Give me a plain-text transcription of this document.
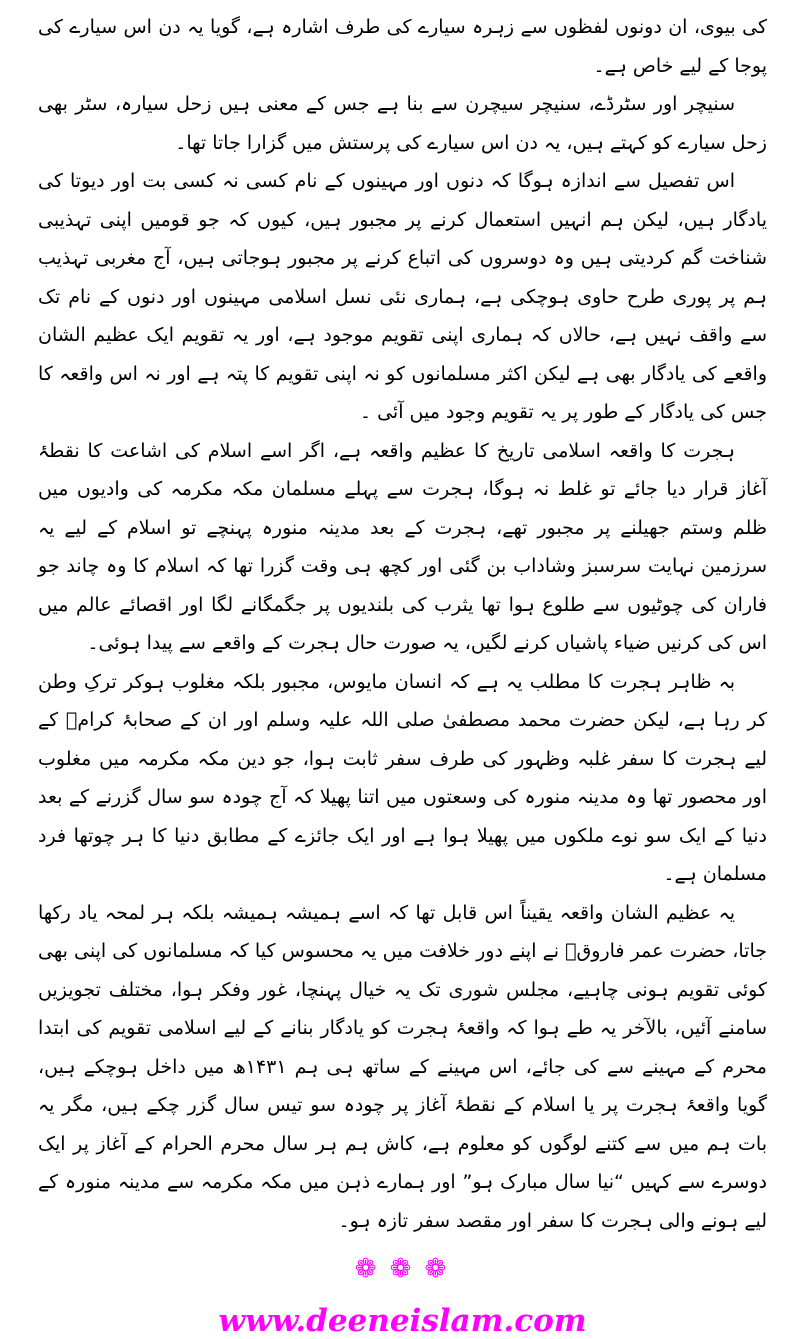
کی بیوی، ان دونوں لفظوں سے زہرہ سیارے کی طرف اشارہ ہے، گویا یہ دن اس سیارے کی پوجا کے لیے خاص ہے۔

سنیچر اور سٹرڈے، سنیچر سیچرن سے بنا ہے جس کے معنی ہیں زحل سیارہ، سٹر بھی زحل سیارے کو کہتے ہیں، یہ دن اس سیارے کی پرستش میں گزارا جاتا تھا۔

اس تفصیل سے اندازہ ہوگا کہ دنوں اور مہینوں کے نام کسی نہ کسی بت اور دیوتا کی یادگار ہیں، لیکن ہم انہیں استعمال کرنے پر مجبور ہیں، کیوں کہ جو قومیں اپنی تہذیبی شناخت گم کردیتی ہیں وہ دوسروں کی اتباع کرنے پر مجبور ہوجاتی ہیں، آج مغربی تہذیب ہم پر پوری طرح حاوی ہوچکی ہے، ہماری نئی نسل اسلامی مہینوں اور دنوں کے نام تک سے واقف نہیں ہے، حالاں کہ ہماری اپنی تقویم موجود ہے، اور یہ تقویم ایک عظیم الشان واقعے کی یادگار بھی ہے لیکن اکثر مسلمانوں کو نہ اپنی تقویم کا پتہ ہے اور نہ اس واقعہ کا جس کی یادگار کے طور پر یہ تقویم وجود میں آئی ۔

ہجرت کا واقعہ اسلامی تاریخ کا عظیم واقعہ ہے، اگر اسے اسلام کی اشاعت کا نقطۂ آغاز قرار دیا جائے تو غلط نہ ہوگا، ہجرت سے پہلے مسلمان مکہ مکرمہ کی وادیوں میں ظلم وستم جھیلنے پر مجبور تھے، ہجرت کے بعد مدینہ منورہ پہنچے تو اسلام کے لیے یہ سرزمین نہایت سرسبز وشاداب بن گئی اور کچھ ہی وقت گزرا تھا کہ اسلام کا وہ چاند جو فاران کی چوٹیوں سے طلوع ہوا تھا یثرب کی بلندیوں پر جگمگانے لگا اور اقصائے عالم میں اس کی کرنیں ضیاء پاشیاں کرنے لگیں، یہ صورت حال ہجرت کے واقعے سے پیدا ہوئی۔

بہ ظاہر ہجرت کا مطلب یہ ہے کہ انسان مایوس، مجبور بلکہ مغلوب ہوکر ترکِ وطن کر رہا ہے، لیکن حضرت محمد مصطفیٰ صلی اللہ علیہ وسلم اور ان کے صحابۂ کرامؓ کے لیے ہجرت کا سفر غلبہ وظہور کی طرف سفر ثابت ہوا، جو دین مکہ مکرمہ میں مغلوب اور محصور تھا وہ مدینہ منورہ کی وسعتوں میں اتنا پھیلا کہ آج چودہ سو سال گزرنے کے بعد دنیا کے ایک سو نوے ملکوں میں پھیلا ہوا ہے اور ایک جائزے کے مطابق دنیا کا ہر چوتھا فرد مسلمان ہے۔

یہ عظیم الشان واقعہ یقیناً اس قابل تھا کہ اسے ہمیشہ ہمیشہ بلکہ ہر لمحہ یاد رکھا جاتا، حضرت عمر فاروقؓ نے اپنے دور خلافت میں یہ محسوس کیا کہ مسلمانوں کی اپنی بھی کوئی تقویم ہونی چاہیے، مجلس شوری تک یہ خیال پہنچا، غور وفکر ہوا، مختلف تجویزیں سامنے آئیں، بالآخر یہ طے ہوا کہ واقعۂ ہجرت کو یادگار بنانے کے لیے اسلامی تقویم کی ابتدا محرم کے مہینے سے کی جائے، اس مہینے کے ساتھ ہی ہم ۱۴۳۱ھ میں داخل ہوچکے ہیں، گویا واقعۂ ہجرت پر یا اسلام کے نقطۂ آغاز پر چودہ سو تیس سال گزر چکے ہیں، مگر یہ بات ہم میں سے کتنے لوگوں کو معلوم ہے، کاش ہم ہر سال محرم الحرام کے آغاز پر ایک دوسرے سے کہیں “نیا سال مبارک ہو” اور ہمارے ذہن میں مکہ مکرمہ سے مدینہ منورہ کے لیے ہونے والی ہجرت کا سفر اور مقصد سفر تازہ ہو۔

❁ ❁ ❁
www.deeneislam.com
